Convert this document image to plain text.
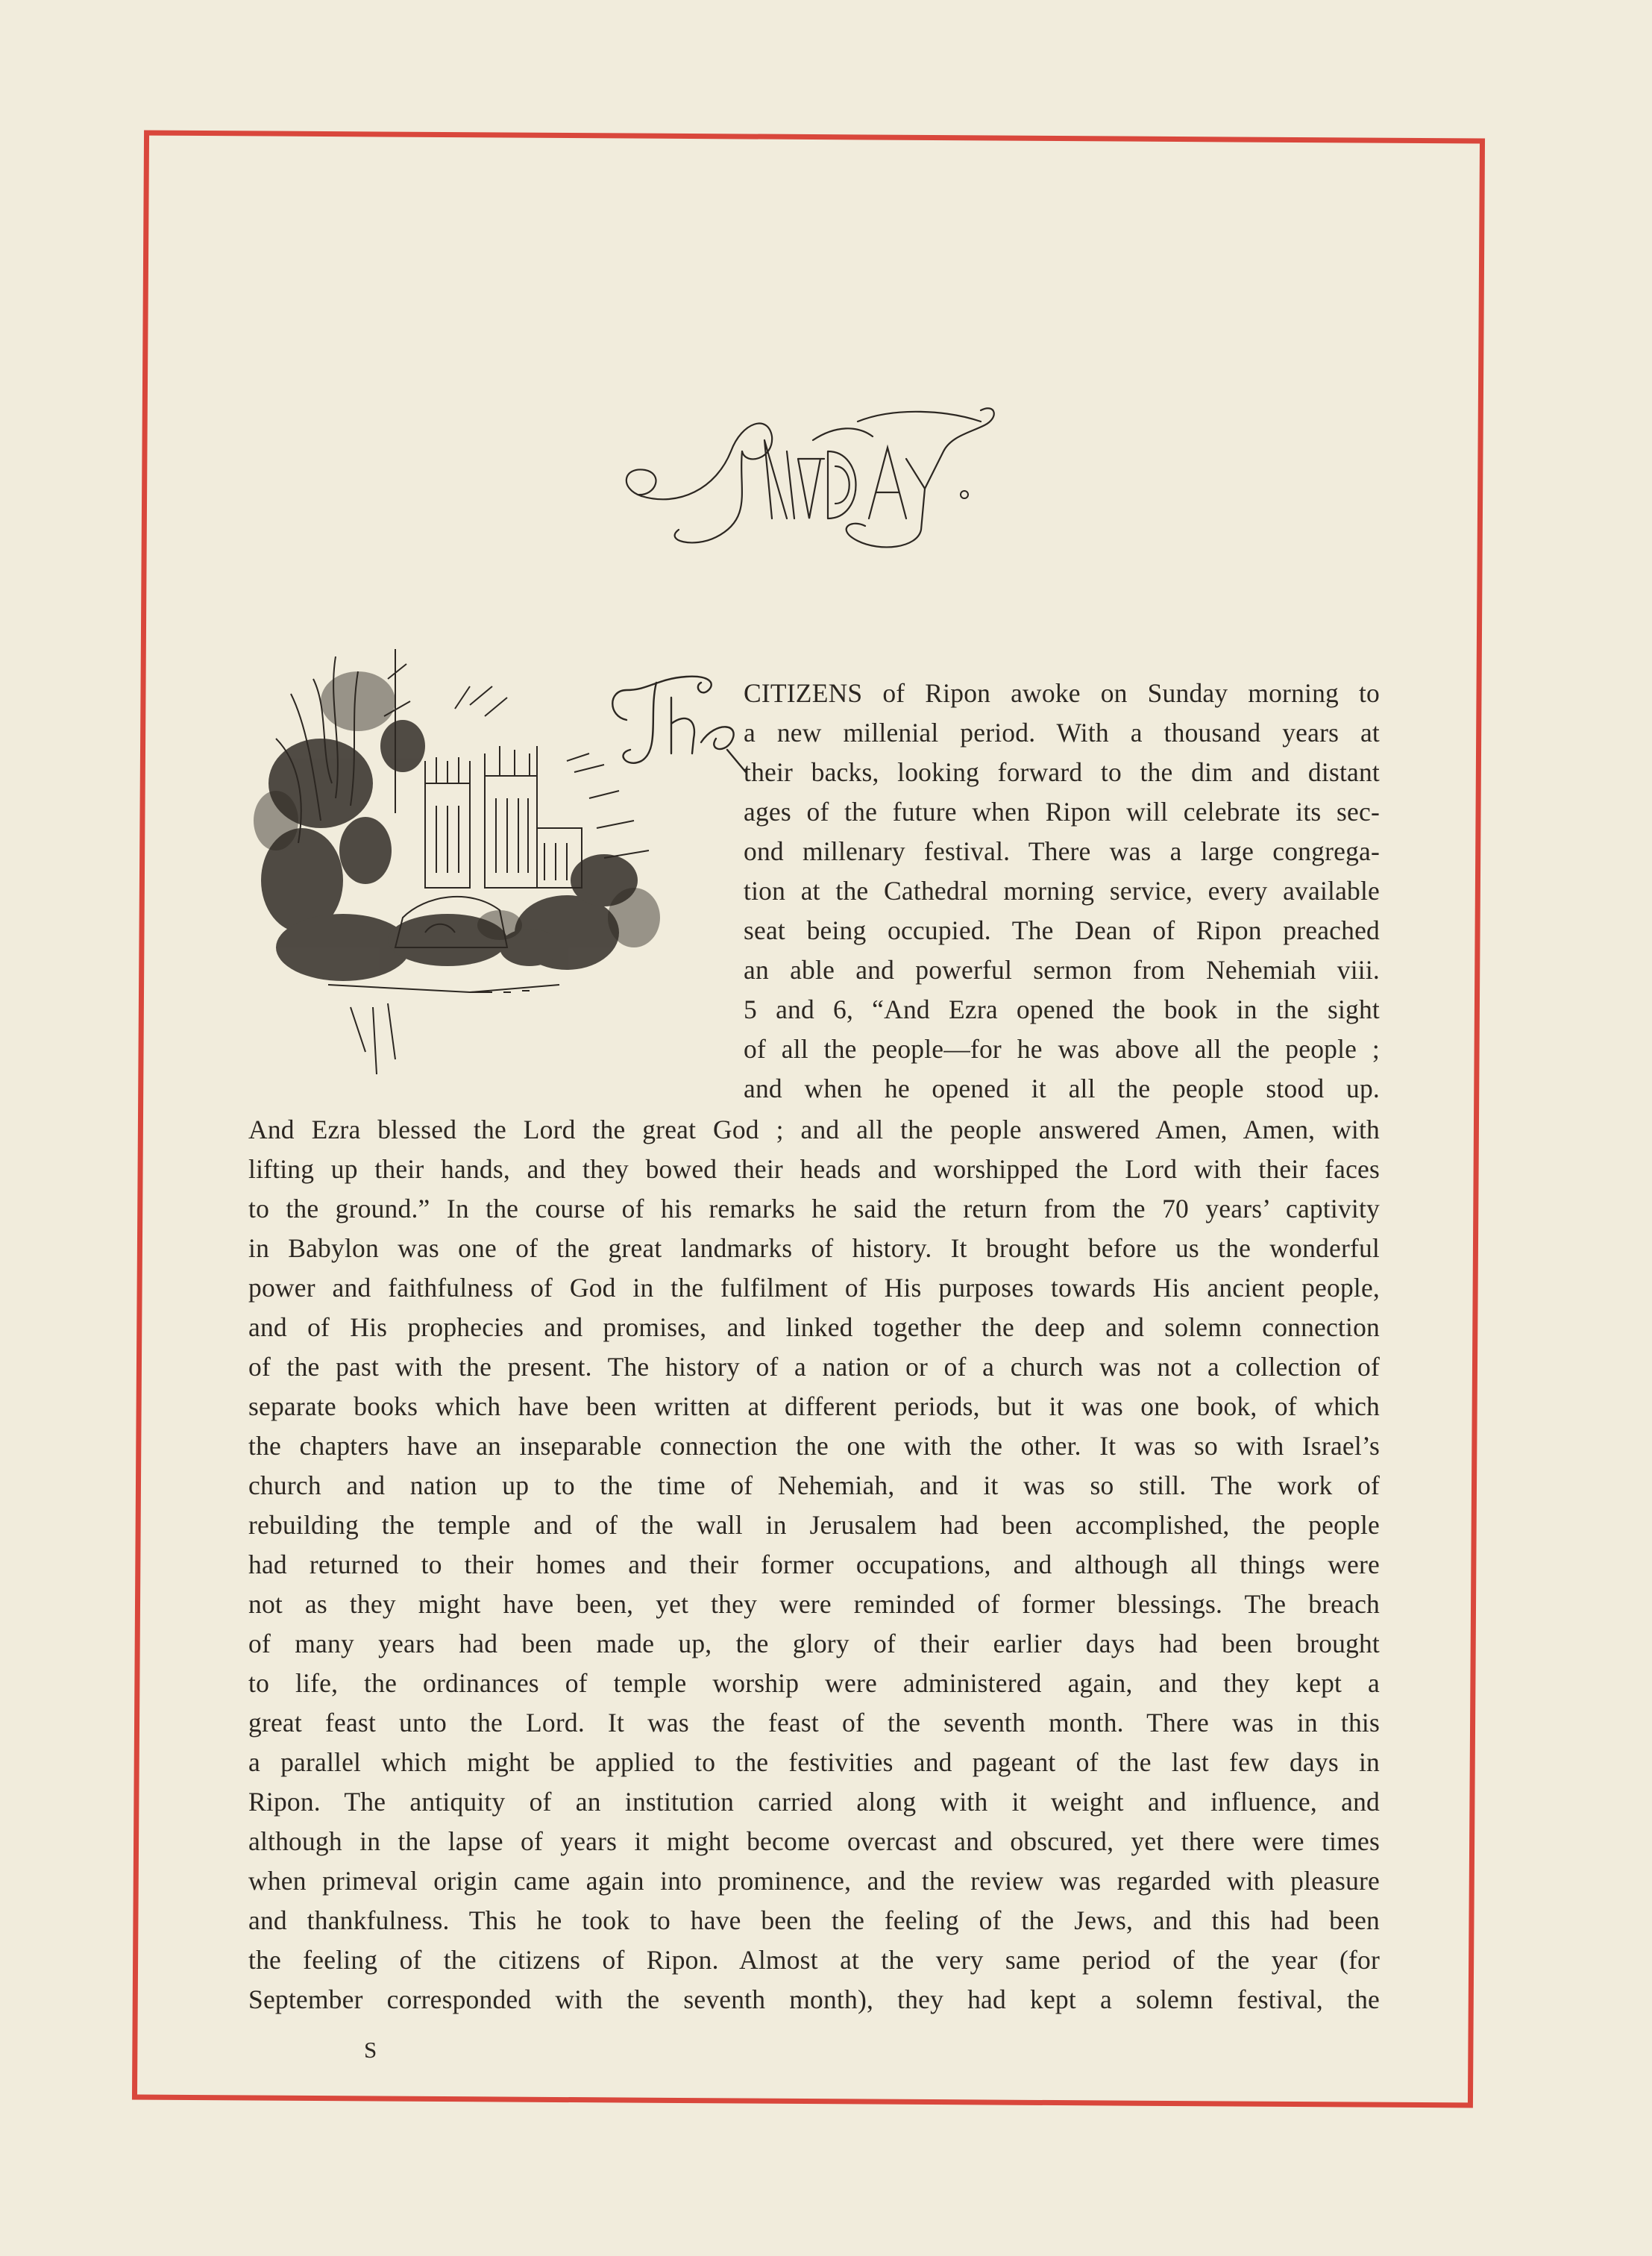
Sunday.
CITIZENS of Ripon awoke on Sunday morning to
a new millenial period. With a thousand years at
their backs, looking forward to the dim and distant
ages of the future when Ripon will celebrate its sec-
ond millenary festival. There was a large congrega-
tion at the Cathedral morning service, every available
seat being occupied. The Dean of Ripon preached
an able and powerful sermon from Nehemiah viii.
5 and 6, “And Ezra opened the book in the sight
of all the people—for he was above all the people ;
and when he opened it all the people stood up.
And Ezra blessed the Lord the great God ; and all the people answered Amen, Amen, with
lifting up their hands, and they bowed their heads and worshipped the Lord with their faces
to the ground.” In the course of his remarks he said the return from the 70 years’ captivity
in Babylon was one of the great landmarks of history. It brought before us the wonderful
power and faithfulness of God in the fulfilment of His purposes towards His ancient people,
and of His prophecies and promises, and linked together the deep and solemn connection
of the past with the present. The history of a nation or of a church was not a collection of
separate books which have been written at different periods, but it was one book, of which
the chapters have an inseparable connection the one with the other. It was so with Israel’s
church and nation up to the time of Nehemiah, and it was so still. The work of
rebuilding the temple and of the wall in Jerusalem had been accomplished, the people
had returned to their homes and their former occupations, and although all things were
not as they might have been, yet they were reminded of former blessings. The breach
of many years had been made up, the glory of their earlier days had been brought
to life, the ordinances of temple worship were administered again, and they kept a
great feast unto the Lord. It was the feast of the seventh month. There was in this
a parallel which might be applied to the festivities and pageant of the last few days in
Ripon. The antiquity of an institution carried along with it weight and influence, and
although in the lapse of years it might become overcast and obscured, yet there were times
when primeval origin came again into prominence, and the review was regarded with pleasure
and thankfulness. This he took to have been the feeling of the Jews, and this had been
the feeling of the citizens of Ripon. Almost at the very same period of the year (for
September corresponded with the seventh month), they had kept a solemn festival, the
S
